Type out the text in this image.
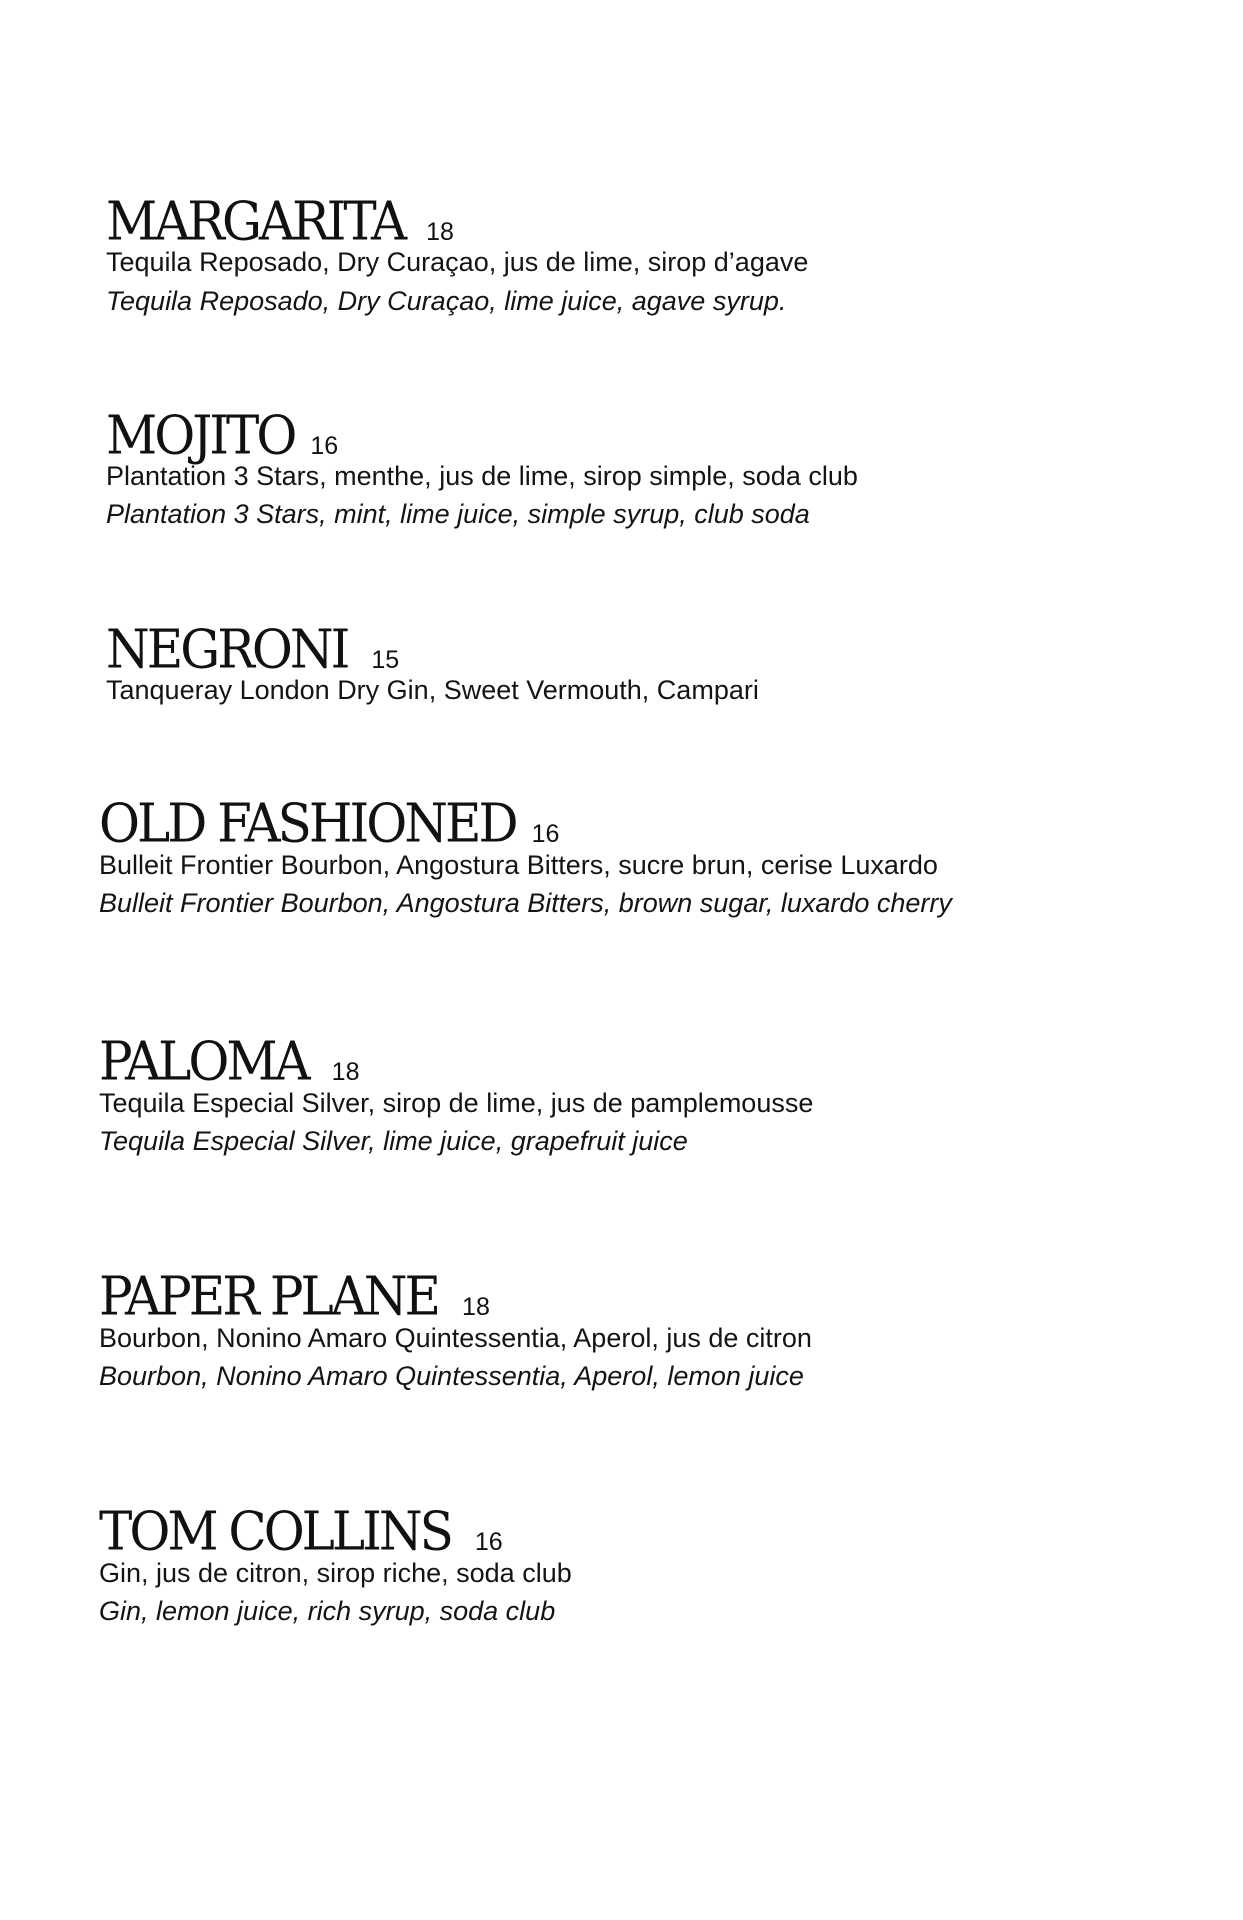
MARGARITA 18
Tequila Reposado, Dry Curaçao, jus de lime, sirop d’agave
Tequila Reposado, Dry Curaçao, lime juice, agave syrup.
MOJITO 16
Plantation 3 Stars, menthe, jus de lime, sirop simple, soda club
Plantation 3 Stars, mint, lime juice, simple syrup, club soda
NEGRONI 15
Tanqueray London Dry Gin, Sweet Vermouth, Campari
OLD FASHIONED 16
Bulleit Frontier Bourbon, Angostura Bitters, sucre brun, cerise Luxardo
Bulleit Frontier Bourbon, Angostura Bitters, brown sugar, luxardo cherry
PALOMA 18
Tequila Especial Silver, sirop de lime, jus de pamplemousse
Tequila Especial Silver, lime juice, grapefruit juice
PAPER PLANE 18
Bourbon, Nonino Amaro Quintessentia, Aperol, jus de citron
Bourbon, Nonino Amaro Quintessentia, Aperol, lemon juice
TOM COLLINS 16
Gin, jus de citron, sirop riche, soda club
Gin, lemon juice, rich syrup, soda club
